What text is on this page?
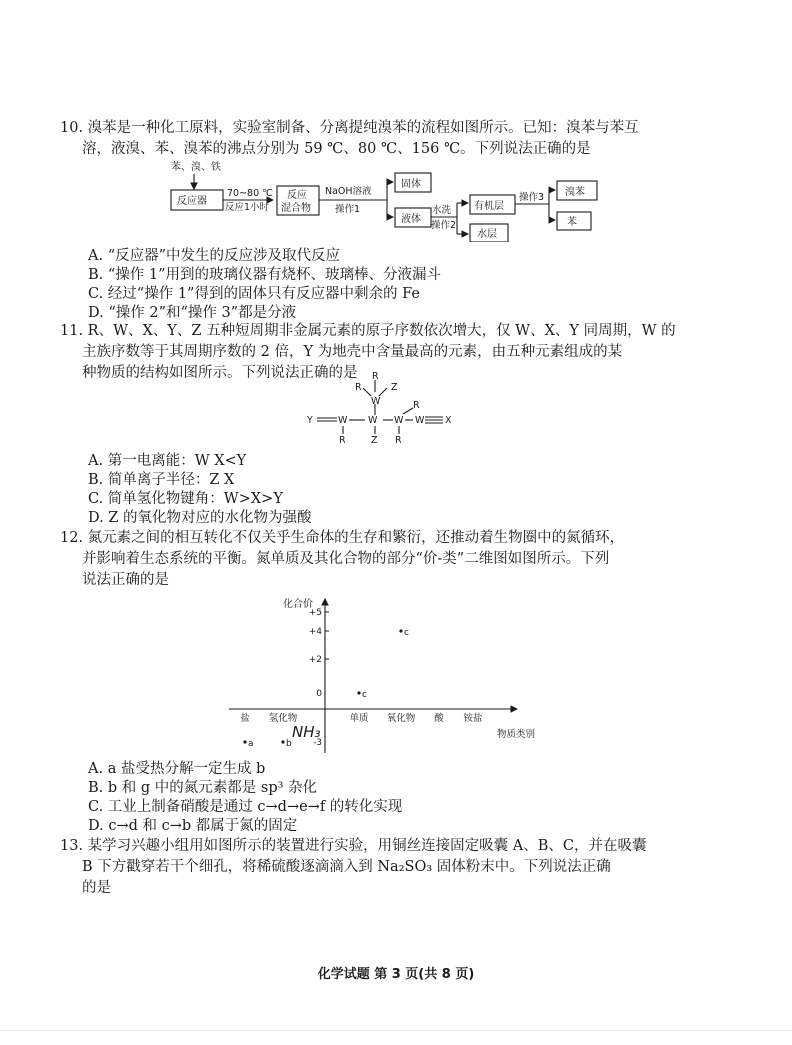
10. 溴苯是一种化工原料，实验室制备、分离提纯溴苯的流程如图所示。已知：溴苯与苯互
溶，液溴、苯、溴苯的沸点分别为 59 ℃、80 ℃、156 ℃。下列说法正确的是
苯、溴、铁
反应器
70~80 ℃
反应1小时
反应
混合物
NaOH溶液
操作1
固体
液体
水洗
操作2
有机层
水层
操作3 溴苯
苯
A. “反应器”中发生的反应涉及取代反应
B. “操作 1”用到的玻璃仪器有烧杯、玻璃棒、分液漏斗
C. 经过“操作 1”得到的固体只有反应器中剩余的 Fe
D. “操作 2”和“操作 3”都是分液
11. R、W、X、Y、Z 五种短周期非金属元素的原子序数依次增大，仅 W、X、Y 同周期，W 的
主族序数等于其周期序数的 2 倍，Y 为地壳中含量最高的元素，由五种元素组成的某
种物质的结构如图所示。下列说法正确的是	R
R	Z
W
Y	W W W W X
R
R	Z R
A. 第一电离能：W X<Y
B. 简单离子半径：Z X
C. 简单氢化物键角：W>X>Y
D. Z 的氧化物对应的水化物为强酸
12. 氮元素之间的相互转化不仅关乎生命体的生存和繁衍，还推动着生物圈中的氮循环，
并影响着生态系统的平衡。氮单质及其化合物的部分“价-类”二维图如图所示。下列
说法正确的是
化合价
物质类别
NH₃
+5
+4
+2
0
-3
盐 氢化物	单质 氧化物 酸 铵盐
a	b
c
c
A. a 盐受热分解一定生成 b
B. b 和 g 中的氮元素都是 sp³ 杂化
C. 工业上制备硝酸是通过 c→d→e→f 的转化实现
D. c→d 和 c→b 都属于氮的固定
13. 某学习兴趣小组用如图所示的装置进行实验，用铜丝连接固定吸囊 A、B、C，并在吸囊
B 下方戳穿若干个细孔，将稀硫酸逐滴滴入到 Na₂SO₃ 固体粉末中。下列说法正确
的是
化学试题 第 3 页(共 8 页)
